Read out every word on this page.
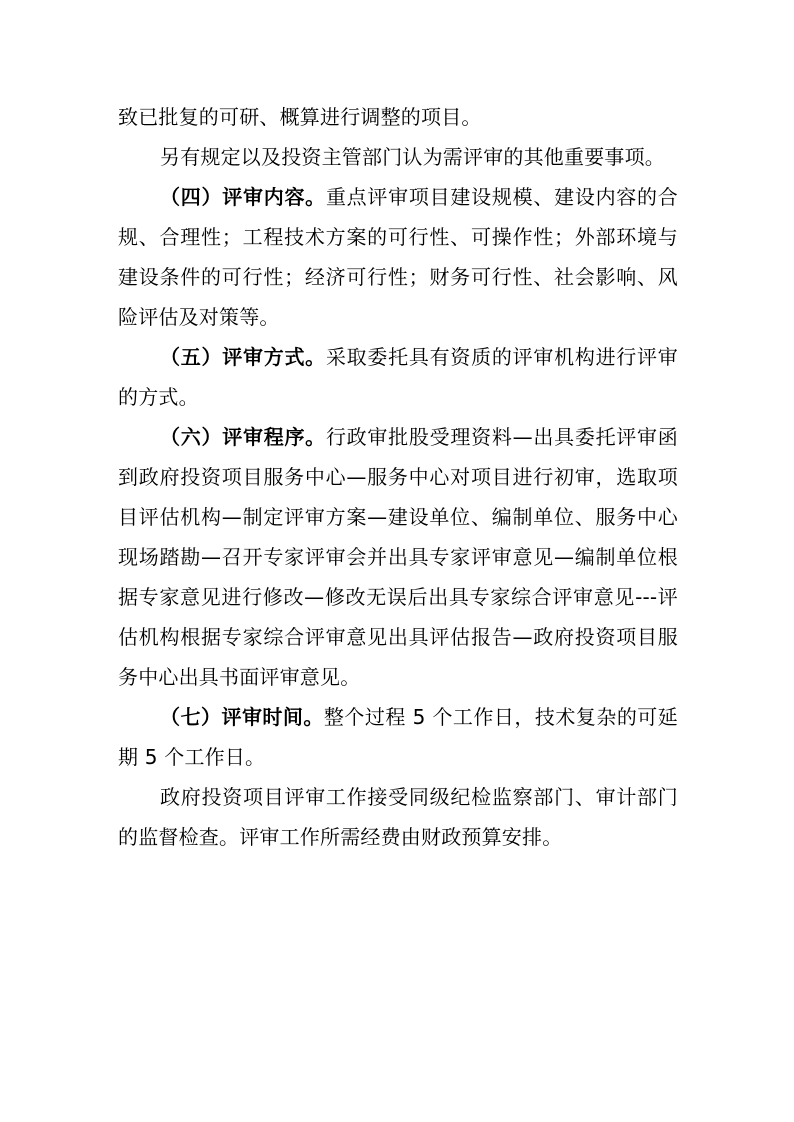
致已批复的可研、概算进行调整的项目。

另有规定以及投资主管部门认为需评审的其他重要事项。

（四）评审内容。重点评审项目建设规模、建设内容的合规、合理性；工程技术方案的可行性、可操作性；外部环境与建设条件的可行性；经济可行性；财务可行性、社会影响、风险评估及对策等。

（五）评审方式。采取委托具有资质的评审机构进行评审的方式。

（六）评审程序。行政审批股受理资料—出具委托评审函到政府投资项目服务中心—服务中心对项目进行初审，选取项目评估机构—制定评审方案—建设单位、编制单位、服务中心现场踏勘—召开专家评审会并出具专家评审意见—编制单位根据专家意见进行修改—修改无误后出具专家综合评审意见---评估机构根据专家综合评审意见出具评估报告—政府投资项目服务中心出具书面评审意见。

（七）评审时间。整个过程 5 个工作日，技术复杂的可延期 5 个工作日。

政府投资项目评审工作接受同级纪检监察部门、审计部门的监督检查。评审工作所需经费由财政预算安排。
